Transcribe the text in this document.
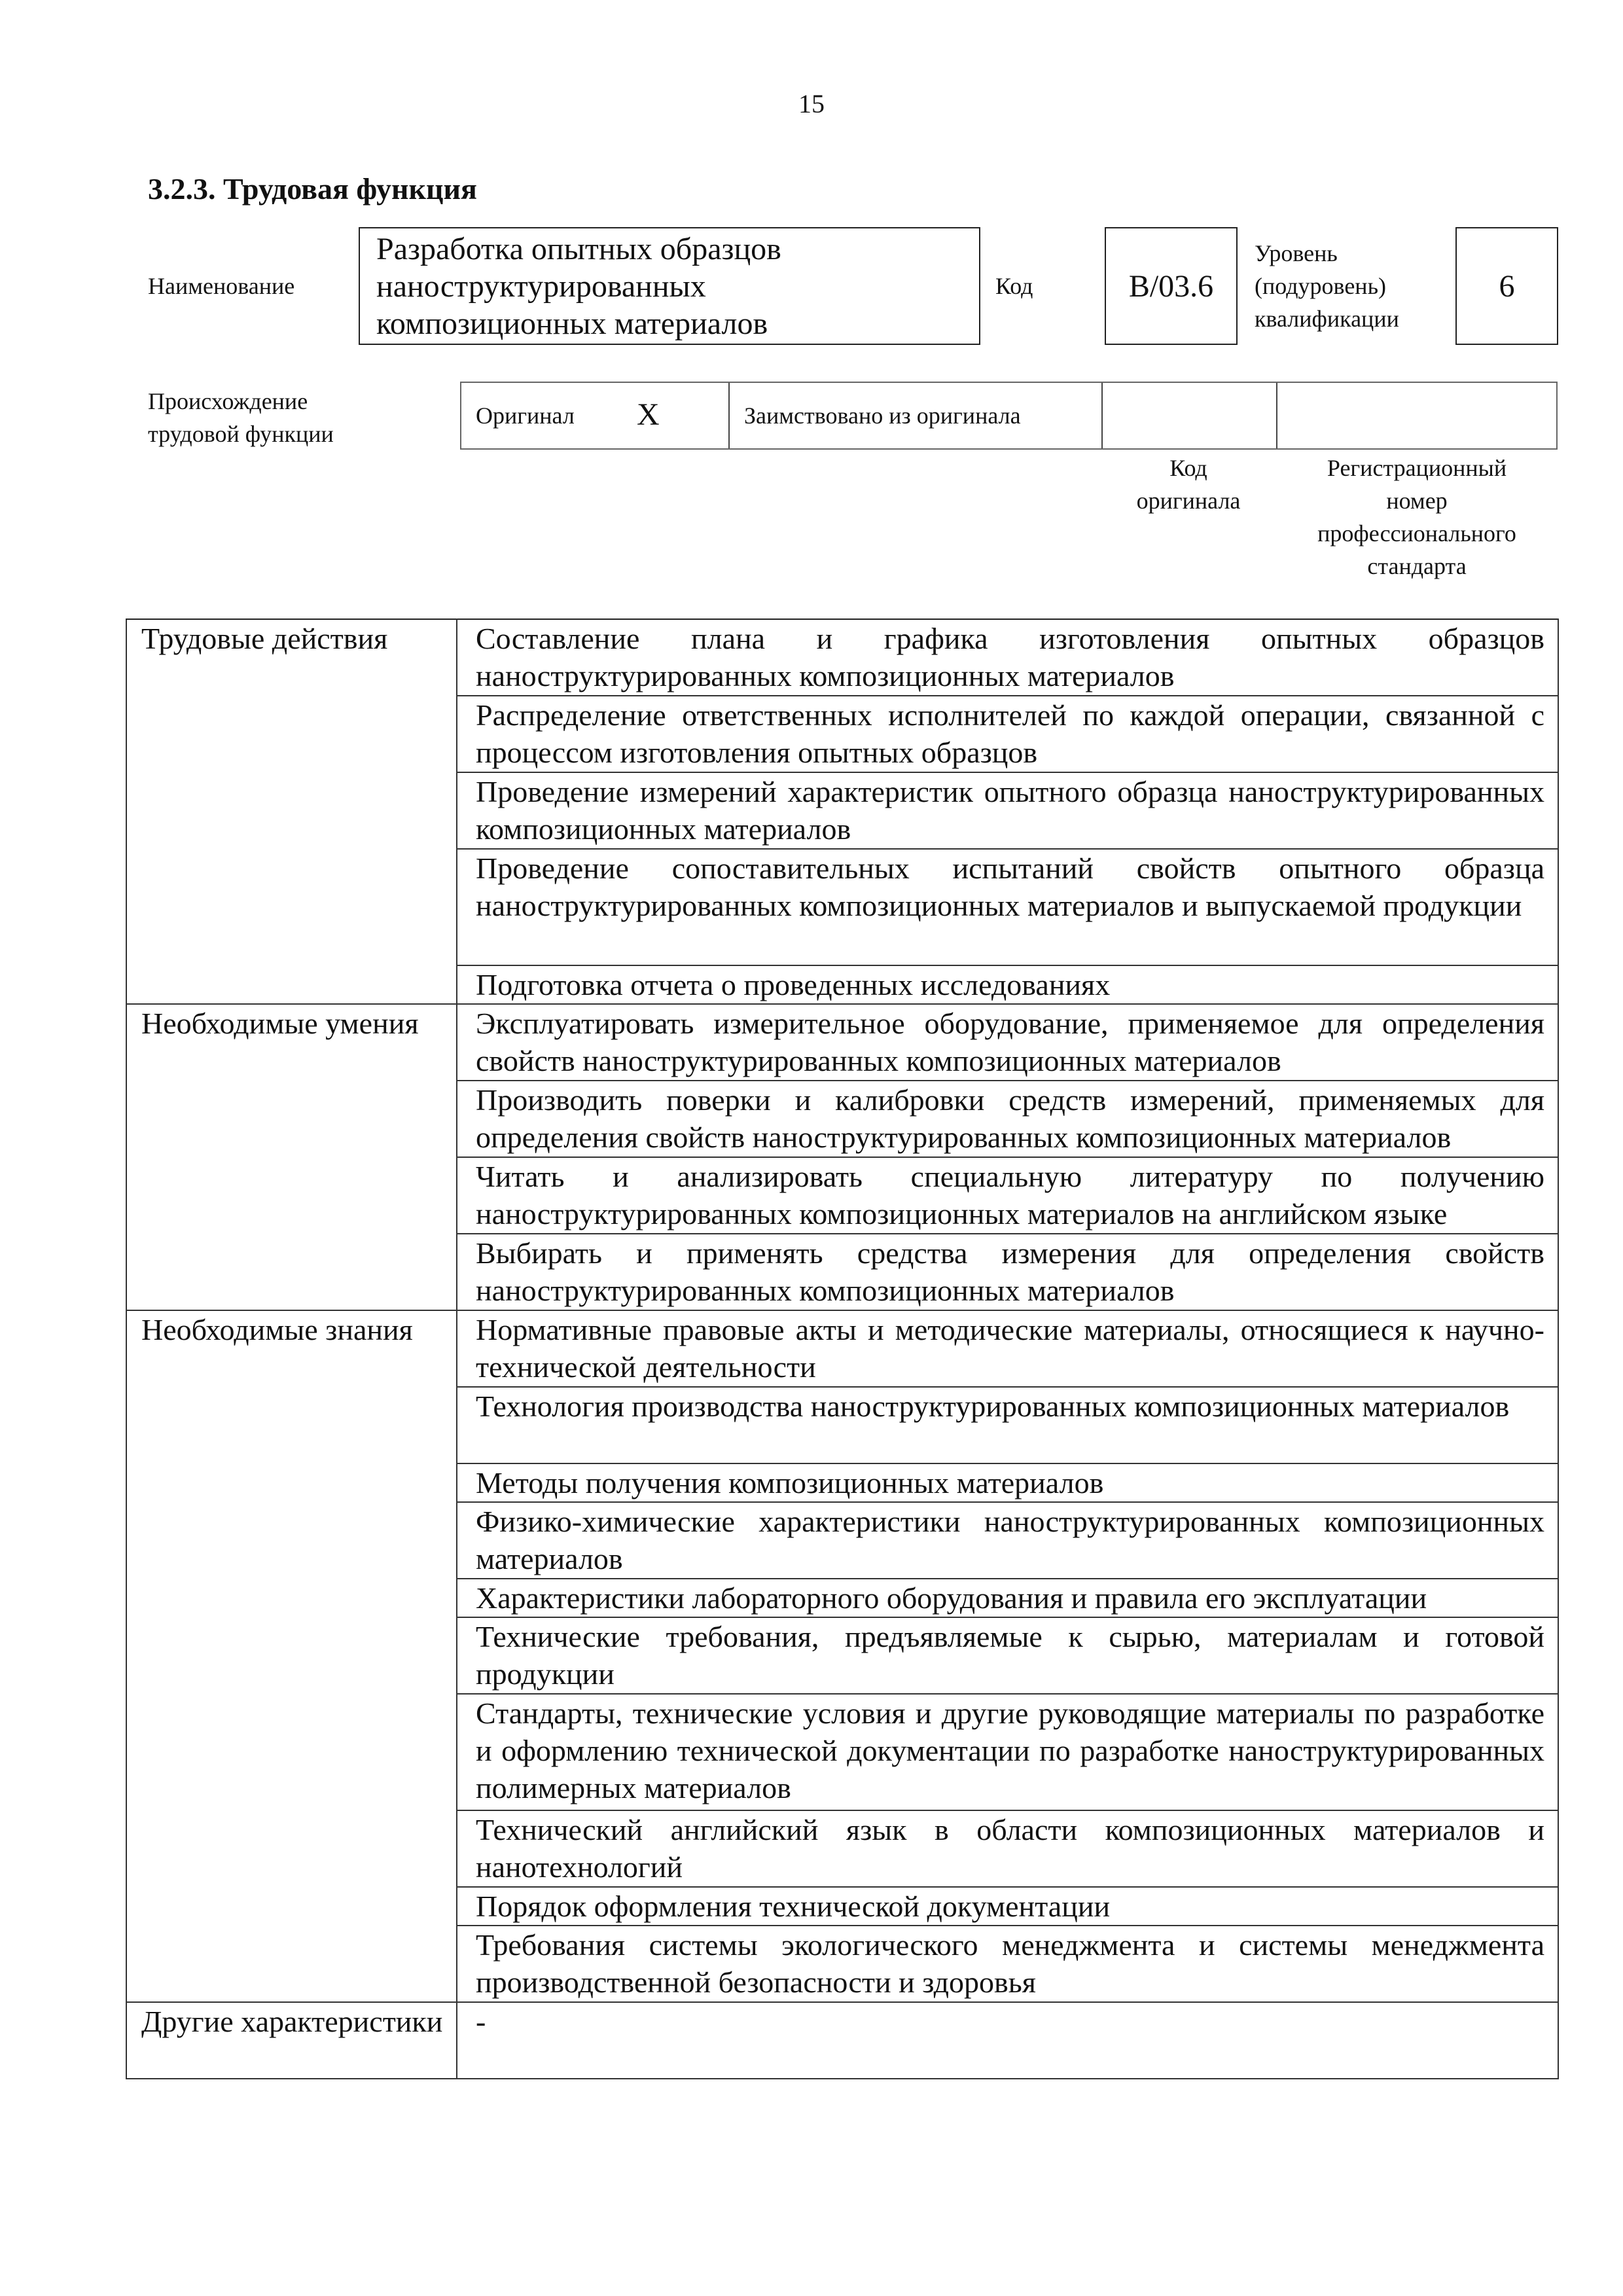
15
3.2.3. Трудовая функция
Наименование
Разработка опытных образцов
наноструктурированных
композиционных материалов
Код	B/03.6
Уровень
(подуровень)
квалификации
6
Происхождение
трудовой функции
Оригинал X	Заимствовано из оригинала
Код
оригинала
Регистрационный
номер
профессионального
стандарта
Трудовые действия	Составление плана и графика изготовления опытных образцов наноструктурированных композиционных материалов
	Распределение ответственных исполнителей по каждой операции, связанной с процессом изготовления опытных образцов
	Проведение измерений характеристик опытного образца наноструктурированных композиционных материалов
	Проведение сопоставительных испытаний свойств опытного образца наноструктурированных композиционных материалов и выпускаемой продукции
	Подготовка отчета о проведенных исследованиях
Необходимые умения	Эксплуатировать измерительное оборудование, применяемое для определения свойств наноструктурированных композиционных материалов
	Производить поверки и калибровки средств измерений, применяемых для определения свойств наноструктурированных композиционных материалов
	Читать и анализировать специальную литературу по получению наноструктурированных композиционных материалов на английском языке
	Выбирать и применять средства измерения для определения свойств наноструктурированных композиционных материалов
Необходимые знания	Нормативные правовые акты и методические материалы, относящиеся к научно-технической деятельности
	Технология производства наноструктурированных композиционных материалов
	Методы получения композиционных материалов
	Физико-химические характеристики наноструктурированных композиционных материалов
	Характеристики лабораторного оборудования и правила его эксплуатации
	Технические требования, предъявляемые к сырью, материалам и готовой продукции
	Стандарты, технические условия и другие руководящие материалы по разработке и оформлению технической документации по разработке наноструктурированных полимерных материалов
	Технический английский язык в области композиционных материалов и нанотехнологий
	Порядок оформления технической документации
	Требования системы экологического менеджмента и системы менеджмента производственной безопасности и здоровья
Другие характеристики	-
